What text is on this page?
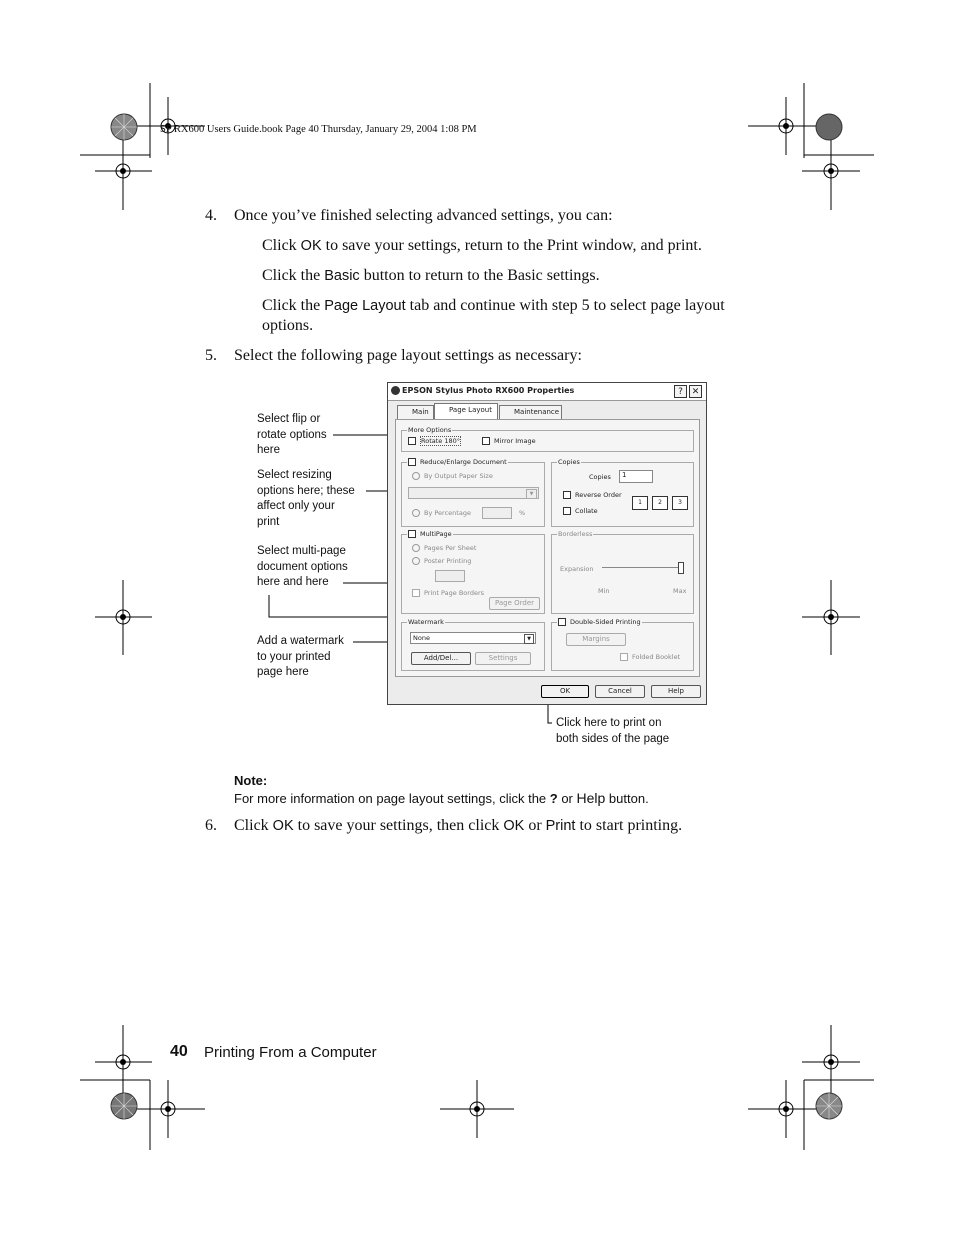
SP RX600 Users Guide.book Page 40 Thursday, January 29, 2004 1:08 PM
4. Once you’ve finished selecting advanced settings, you can:
Click OK to save your settings, return to the Print window, and print.
Click the Basic button to return to the Basic settings.
Click the Page Layout tab and continue with step 5 to select page layout
options.
5. Select the following page layout settings as necessary:
Select flip or
rotate options
here
Select resizing
options here; these
affect only your
print
Select multi-page
document options
here and here
Add a watermark
to your printed
page here
Click here to print on
both sides of the page
EPSON Stylus Photo RX600 Properties	? ✕
Main	Page Layout	Maintenance
More Options
Rotate 180°	Mirror Image
Reduce/Enlarge Document
By Output Paper Size
▼
By Percentage	%
Copies
Copies	1
Reverse Order
Collate
1	2	3
MultiPage
Pages Per Sheet
Poster Printing
Print Page Borders
Page Order
Borderless
Expansion
Min	Max
Watermark
None	▼
Add/Del...	Settings
Double-Sided Printing
Margins
Folded Booklet
OK	Cancel	Help
Note:
For more information on page layout settings, click the ? or Help button.
6. Click OK to save your settings, then click OK or Print to start printing.
40 Printing From a Computer
